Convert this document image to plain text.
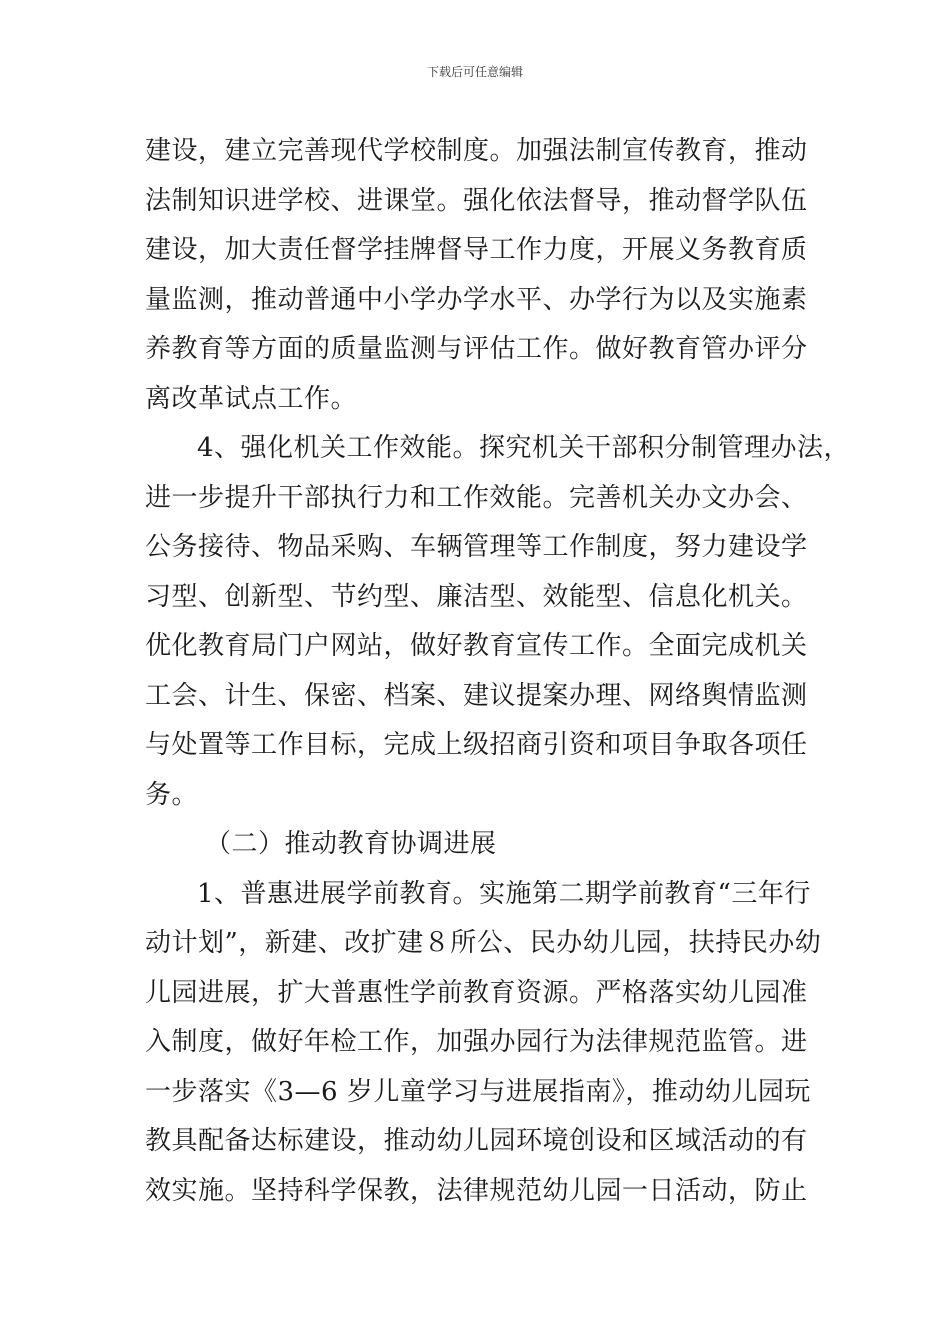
下载后可任意编辑
建设，建立完善现代学校制度。加强法制宣传教育，推动
法制知识进学校、进课堂。强化依法督导，推动督学队伍
建设，加大责任督学挂牌督导工作力度，开展义务教育质
量监测，推动普通中小学办学水平、办学行为以及实施素
养教育等方面的质量监测与评估工作。做好教育管办评分
离改革试点工作。
4、强化机关工作效能。探究机关干部积分制管理办法，
进一步提升干部执行力和工作效能。完善机关办文办会、
公务接待、物品采购、车辆管理等工作制度，努力建设学
习型、创新型、节约型、廉洁型、效能型、信息化机关。
优化教育局门户网站，做好教育宣传工作。全面完成机关
工会、计生、保密、档案、建议提案办理、网络舆情监测
与处置等工作目标，完成上级招商引资和项目争取各项任
务。
（二）推动教育协调进展
1、普惠进展学前教育。实施第二期学前教育“三年行
动计划”，新建、改扩建８所公、民办幼儿园，扶持民办幼
儿园进展，扩大普惠性学前教育资源。严格落实幼儿园准
入制度，做好年检工作，加强办园行为法律规范监管。进
一步落实《3—6 岁儿童学习与进展指南》，推动幼儿园玩
教具配备达标建设，推动幼儿园环境创设和区域活动的有
效实施。坚持科学保教，法律规范幼儿园一日活动，防止
